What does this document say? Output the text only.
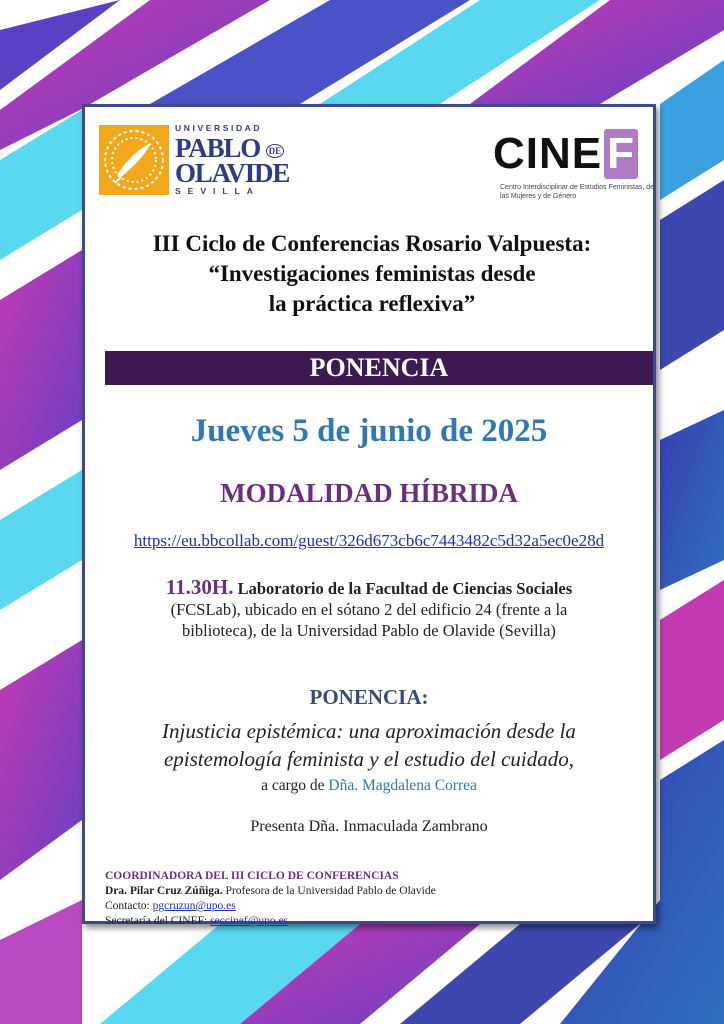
UNIVERSIDAD
PABLO DE
OLAVIDE
SEVILLA
CINE F
Centro Interdisciplinar de Estudios Feministas, de las Mujeres y de Género
III Ciclo de Conferencias Rosario Valpuesta:
“Investigaciones feministas desde
la práctica reflexiva”
PONENCIA
Jueves 5 de junio de 2025
MODALIDAD HÍBRIDA
https://eu.bbcollab.com/guest/326d673cb6c7443482c5d32a5ec0e28d
11.30H. Laboratorio de la Facultad de Ciencias Sociales (FCSLab), ubicado en el sótano 2 del edificio 24 (frente a la biblioteca), de la Universidad Pablo de Olavide (Sevilla)
PONENCIA:
Injusticia epistémica: una aproximación desde la epistemología feminista y el estudio del cuidado,
a cargo de Dña. Magdalena Correa
Presenta Dña. Inmaculada Zambrano
COORDINADORA DEL III CICLO DE CONFERENCIAS
Dra. Pilar Cruz Zúñiga. Profesora de la Universidad Pablo de Olavide
Contacto: pgcruzun@upo.es
Secretaría del CINEF: seccinef@upo.es
